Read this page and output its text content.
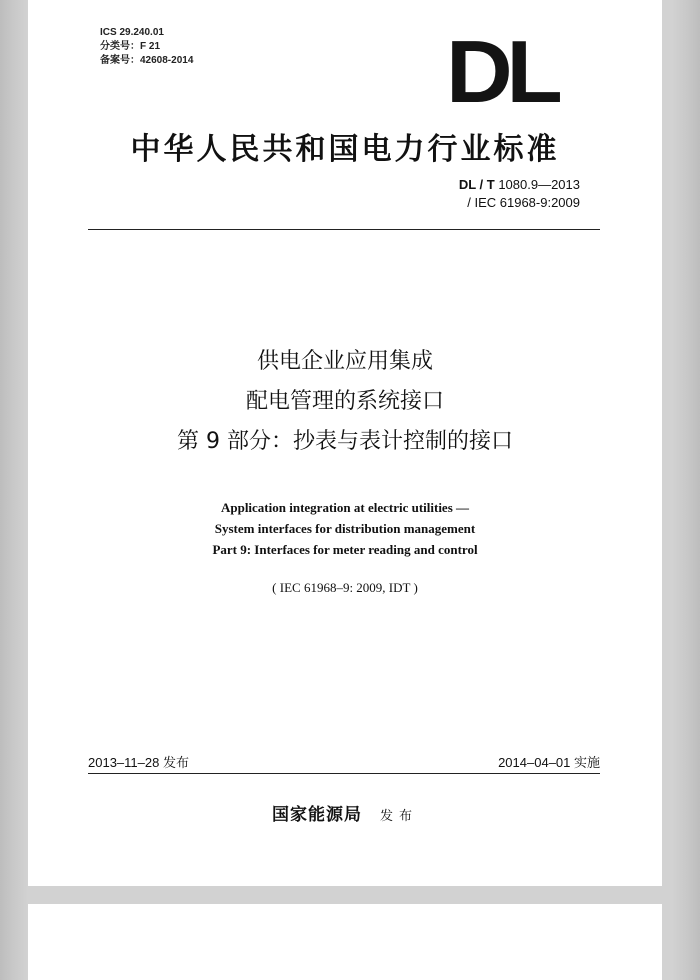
ICS 29.240.01
分类号：F 21
备案号：42608-2014	DL
中华人民共和国电力行业标准
DL / T 1080.9—2013
/ IEC 61968-9:2009
供电企业应用集成
配电管理的系统接口
第 9 部分：抄表与表计控制的接口
Application integration at electric utilities —
System interfaces for distribution management
Part 9: Interfaces for meter reading and control
( IEC 61968–9: 2009, IDT )
2013–11–28 发布	2014–04–01 实施
国家能源局 发布
